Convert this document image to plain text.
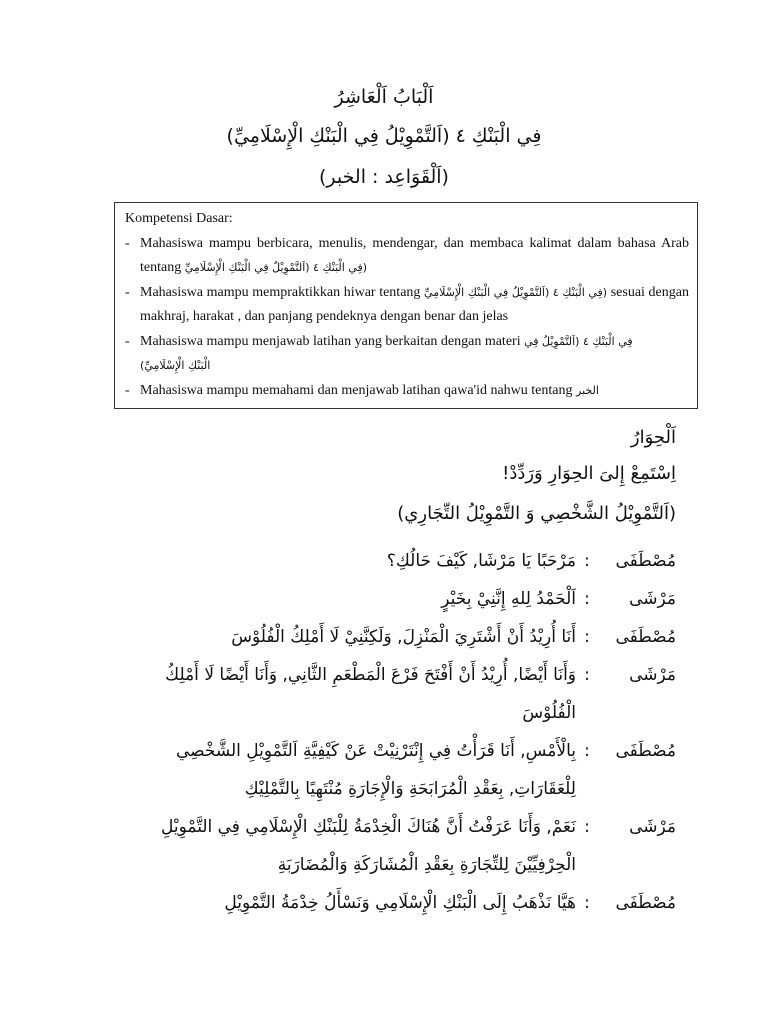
اَلْبَابُ اَلْعَاشِرُ
فِي الْبَنْكِ ٤ (اَلتَّمْوِيْلُ فِي الْبَنْكِ الْإِسْلَامِيِّ)
(اَلْقَوَاعِد : الخبر)
Kompetensi Dasar:
- Mahasiswa mampu berbicara, menulis, mendengar, dan membaca kalimat dalam bahasa Arab tentang (فِي الْبَنْكِ ٤ (اَلتَّمْوِيْلُ فِي الْبَنْكِ الْإِسْلَامِيِّ
- Mahasiswa mampu mempraktikkan hiwar tentang (فِي الْبَنْكِ ٤ (اَلتَّمْوِيْلُ فِي الْبَنْكِ الْإِسْلَامِيِّ sesuai dengan makhraj, harakat , dan panjang pendeknya dengan benar dan jelas
- Mahasiswa mampu menjawab latihan yang berkaitan dengan materi فِي الْبَنْكِ ٤ (اَلتَّمْوِيْلُ فِي
الْبَنْكِ الْإِسْلَامِيِّ)
- Mahasiswa mampu memahami dan menjawab latihan qawa'id nahwu tentang الخبر
اَلْحِوَارُ
اِسْتَمِعْ إِلىَ الحِوَارِ وَرَدِّدْ!
(اَلتَّمْوِيْلُ الشَّخْصِي وَ التَّمْوِيْلُ التِّجَارِي)
مُصْطَفَى
:
مَرْحَبًا يَا مَرْشَا, كَيْفَ حَالُكِ؟
مَرْشَى
:
اَلْحَمْدُ لِلهِ إِنَّنِيْ بِخَيْرٍ
مُصْطَفَى
:
أَنَا أُرِيْدُ أَنْ أَشْتَرِيَ الْمَنْزِلَ, وَلَكِنَّنِيْ لَا أَمْلِكُ الْفُلُوْسَ
مَرْشَى
:
وَأَنَا أَيْضًا, أُرِيْدُ أَنْ أَفْتَحَ فَرْعَ الْمَطْعَمِ الثَّانِي, وَأَنَا أَيْضًا لَا أَمْلِكُ
الْفُلُوْسَ
مُصْطَفَى
:
بِالْأَمْسِ, أَنَا قَرَأْتُ فِي إِنْتَرْنِيْتْ عَنْ كَيْفِيَّةِ اَلتَّمْوِيْلِ الشَّخْصِي
لِلْعَقَارَاتِ, بِعَقْدِ الْمُرَابَحَةِ وَالْإِجَارَةِ مُنْتَهِيًا بِالتَّمْلِيْكِ
مَرْشَى
:
نَعَمْ, وَأَنَا عَرَفْتُ أَنَّ هُنَاكَ الْخِدْمَةُ لِلْبَنْكِ الْإِسْلَامِي فِي التَّمْوِيْلِ
الْحِرْفِيِّيْنَ لِلتِّجَارَةِ بِعَقْدِ الْمُشَارَكَةِ وَالْمُضَارَبَةِ
مُصْطَفَى
:
هَيَّا نَذْهَبُ إِلَى الْبَنْكِ الْإِسْلَامِي وَنَسْأَلُ خِدْمَةُ التَّمْوِيْلِ
